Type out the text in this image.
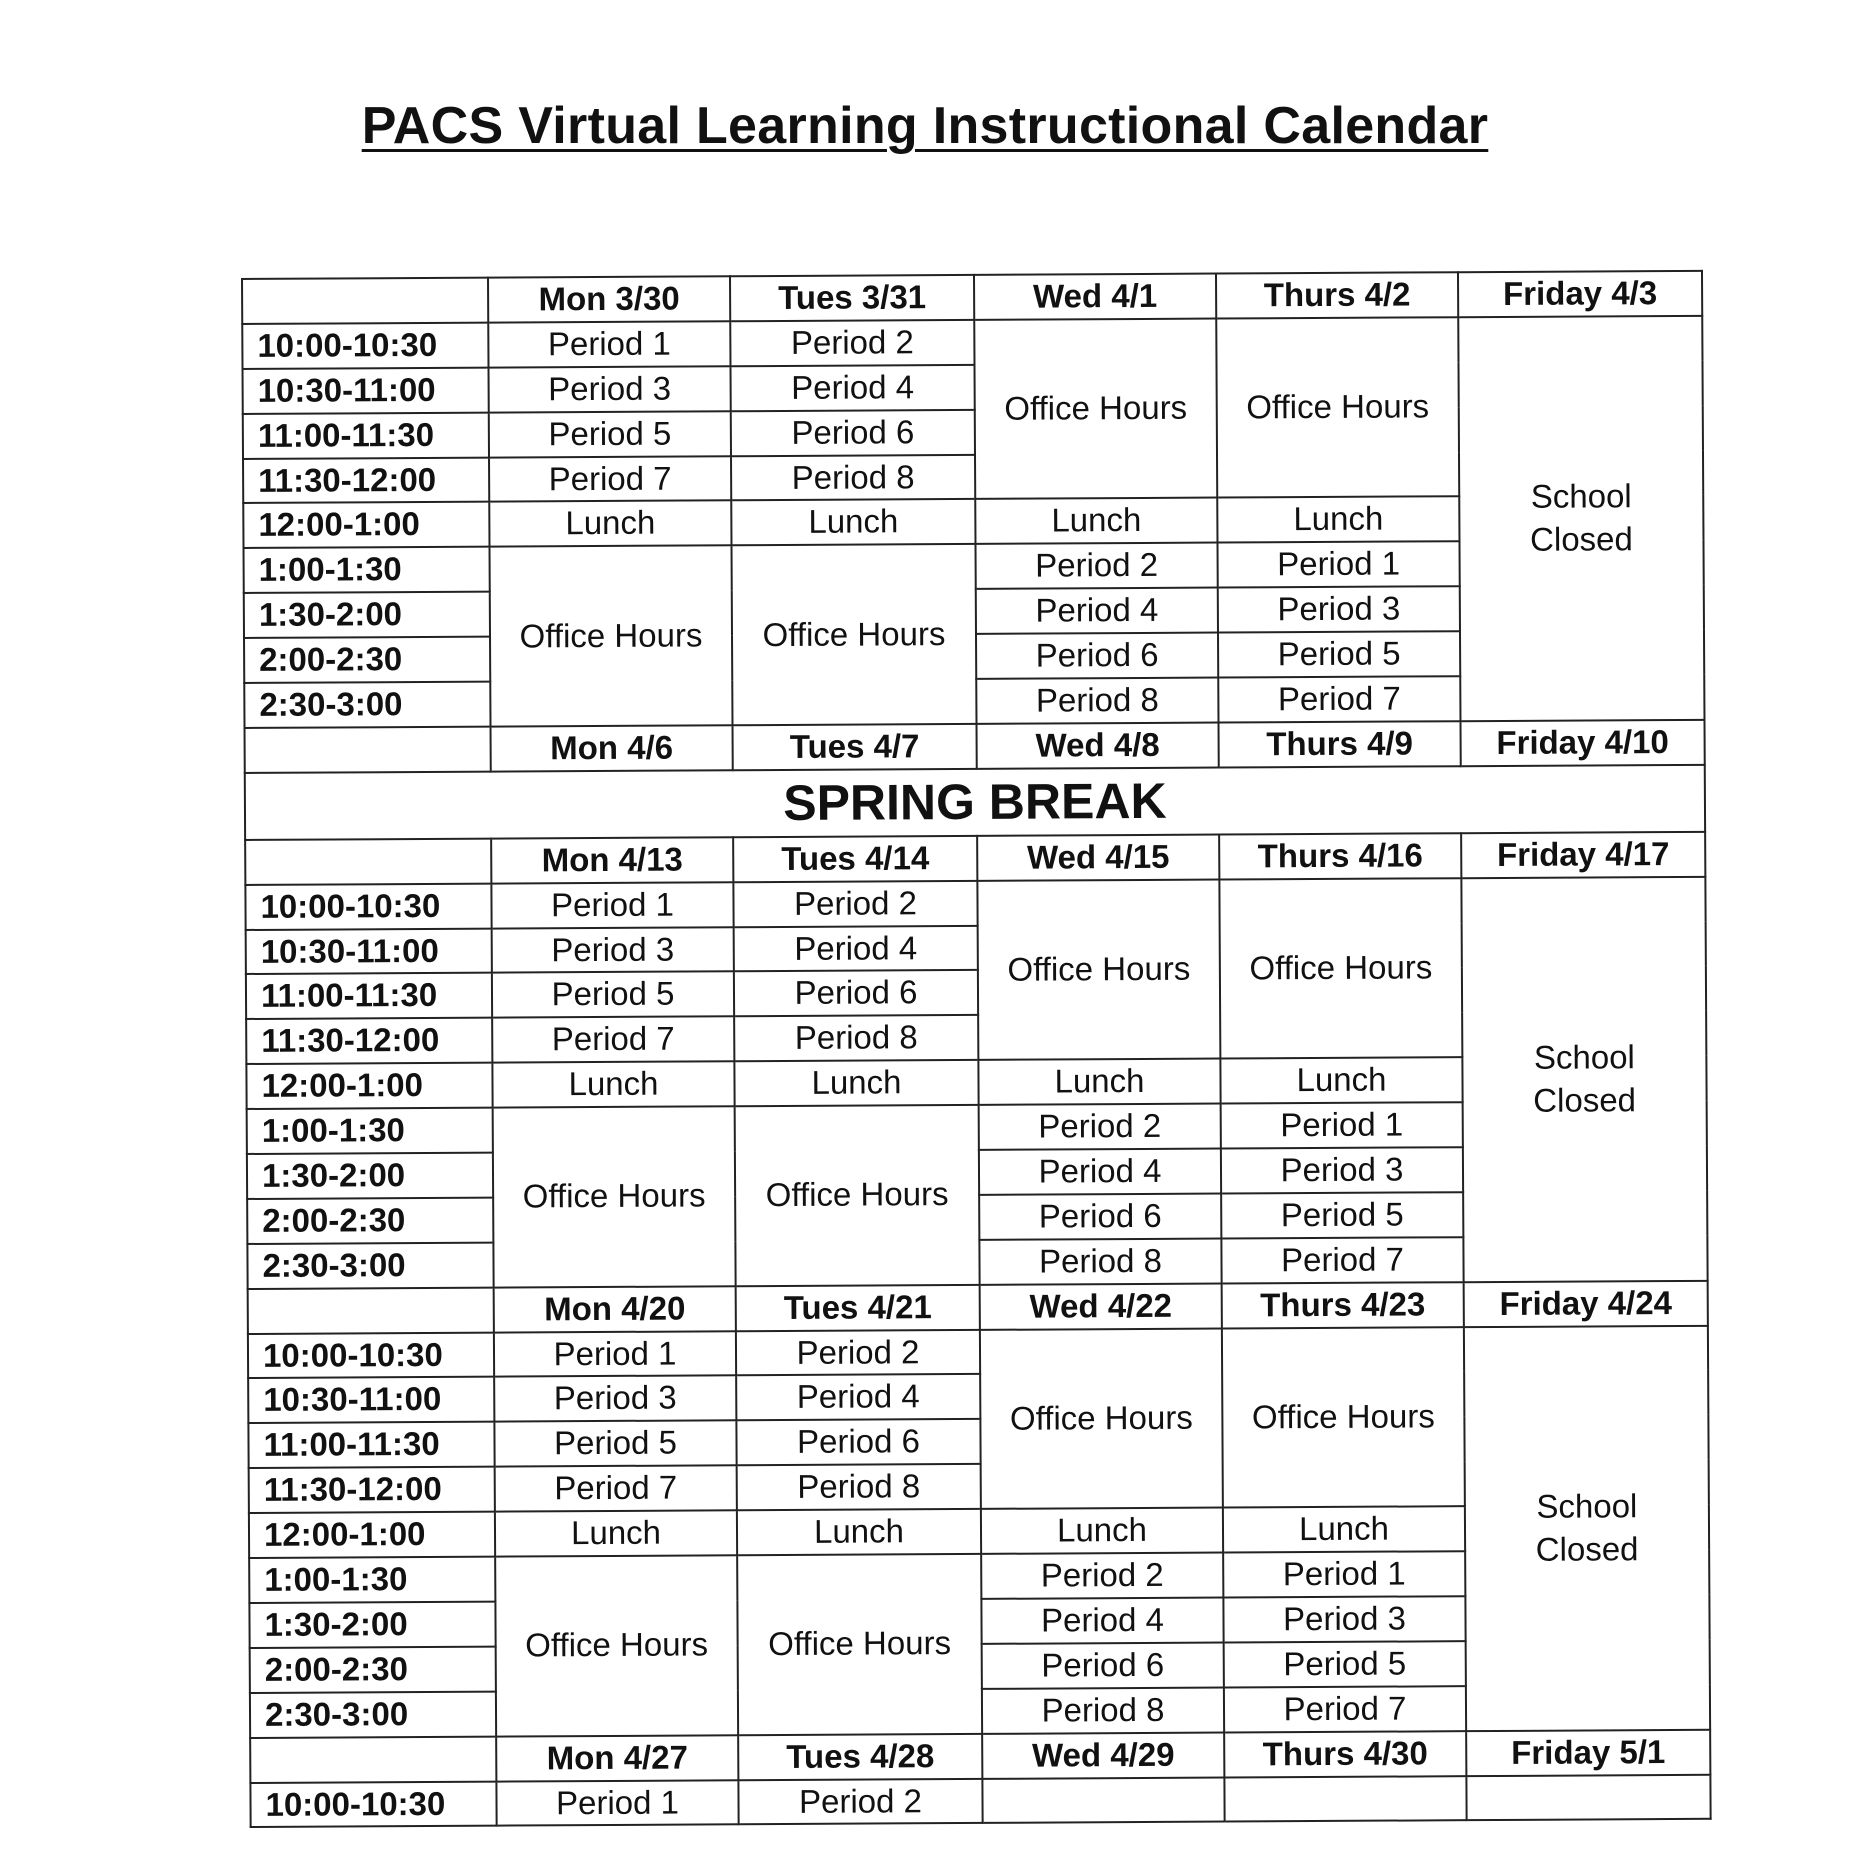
PACS Virtual Learning Instructional Calendar
	Mon 3/30	Tues 3/31	Wed 4/1	Thurs 4/2	Friday 4/3
10:00-10:30	Period 1	Period 2	Office Hours	Office Hours	School
Closed

10:30-11:00	Period 3	Period 4			
11:00-11:30	Period 5	Period 6			
11:30-12:00	Period 7	Period 8			
12:00-1:00	Lunch	Lunch	Lunch	Lunch	
1:00-1:30	Office Hours	Office Hours	Period 2	Period 1	
1:30-2:00			Period 4	Period 3	
2:00-2:30			Period 6	Period 5	
2:30-3:00			Period 8	Period 7	
	Mon 4/6	Tues 4/7	Wed 4/8	Thurs 4/9	Friday 4/10
SPRING BREAK					
	Mon 4/13	Tues 4/14	Wed 4/15	Thurs 4/16	Friday 4/17
10:00-10:30	Period 1	Period 2	Office Hours	Office Hours	School
Closed

10:30-11:00	Period 3	Period 4			
11:00-11:30	Period 5	Period 6			
11:30-12:00	Period 7	Period 8			
12:00-1:00	Lunch	Lunch	Lunch	Lunch	
1:00-1:30	Office Hours	Office Hours	Period 2	Period 1	
1:30-2:00			Period 4	Period 3	
2:00-2:30			Period 6	Period 5	
2:30-3:00			Period 8	Period 7	
	Mon 4/20	Tues 4/21	Wed 4/22	Thurs 4/23	Friday 4/24
10:00-10:30	Period 1	Period 2	Office Hours	Office Hours	School
Closed

10:30-11:00	Period 3	Period 4			
11:00-11:30	Period 5	Period 6			
11:30-12:00	Period 7	Period 8			
12:00-1:00	Lunch	Lunch	Lunch	Lunch	
1:00-1:30	Office Hours	Office Hours	Period 2	Period 1	
1:30-2:00			Period 4	Period 3	
2:00-2:30			Period 6	Period 5	
2:30-3:00			Period 8	Period 7	
	Mon 4/27	Tues 4/28	Wed 4/29	Thurs 4/30	Friday 5/1
10:00-10:30	Period 1	Period 2			
